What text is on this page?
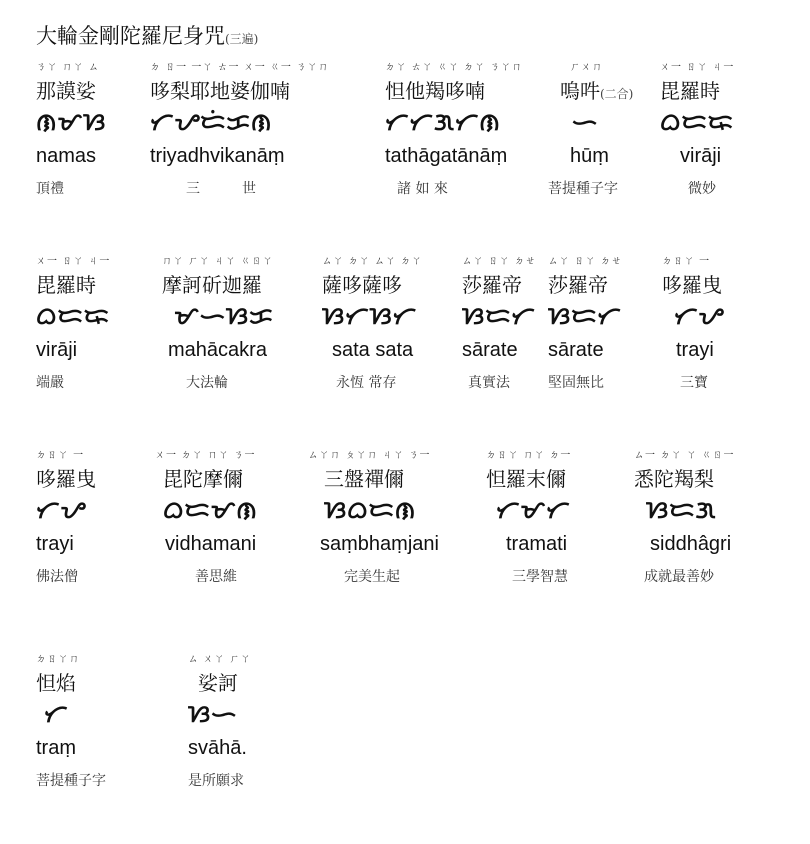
大輪金剛陀羅尼身咒(三遍)
ㄋㄚ ㄇㄚ ㄙ
那謨娑
ᜈᜋᜐ
namas
頂禮
ㄉ ㄖ一 一ㄚ ㄊ一 ㄨ一 ㄍ一 ㄋㄚㄇ
哆梨耶地婆伽喃
ᜆᜌᜇᜒᜃᜈ
triyadhvikanāṃ
三　　　世
ㄉㄚ ㄊㄚ ㄍㄚ ㄉㄚ ㄋㄚㄇ
怛他羯哆喃
ᜆᜆᜄᜆᜈ
tathāgatānāṃ
諸 如 來
ㄏㄨㄇ
嗚吽(二合)
ᜑ
hūṃ
菩提種子字
ㄨ一 ㄖㄚ ㄐ一
毘羅時
ᜊᜇᜍ
virāji
微妙
ㄨ一 ㄖㄚ ㄐ一
毘羅時
ᜊᜇᜍ
virāji
端嚴
ㄇㄚ ㄏㄚ ㄐㄚ ㄍㄖㄚ
摩訶斫迦羅
ᜋᜑᜐᜃ
mahācakra
大法輪
ㄙㄚ ㄉㄚ ㄙㄚ ㄉㄚ
薩哆薩哆
ᜐᜆᜐᜆ
sata sata
永恆 常存
ㄙㄚ ㄖㄚ ㄉㄝ
莎羅帝
ᜐᜇᜆ
sārate
真實法
ㄙㄚ ㄖㄚ ㄉㄝ
莎羅帝
ᜐᜇᜆ
sārate
堅固無比
ㄉㄖㄚ 一
哆羅曳
ᜆᜌ
trayi
三寶
ㄉㄖㄚ 一
哆羅曳
ᜆᜌ
trayi
佛法僧
ㄨ一 ㄉㄚ ㄇㄚ ㄋ一
毘陀摩儞
ᜊᜇᜋᜈ
vidhamani
善思維
ㄙㄚㄇ ㄆㄚㄇ ㄐㄚ ㄋ一
三盤禪儞
ᜐᜊᜇᜈ
saṃbhaṃjani
完美生起
ㄉㄖㄚ ㄇㄚ ㄉ一
怛羅末儞
ᜆᜋᜆ
tramati
三學智慧
ㄙ一 ㄉㄚ ㄚ ㄍㄖ一
悉陀羯梨
ᜐᜇᜄ
siddhâgri
成就最善妙
ㄉㄖㄚㄇ
怛焰
ᜆ
traṃ
菩提種子字
ㄙ ㄨㄚ ㄏㄚ
娑訶
ᜐᜑ
svāhā.
是所願求
